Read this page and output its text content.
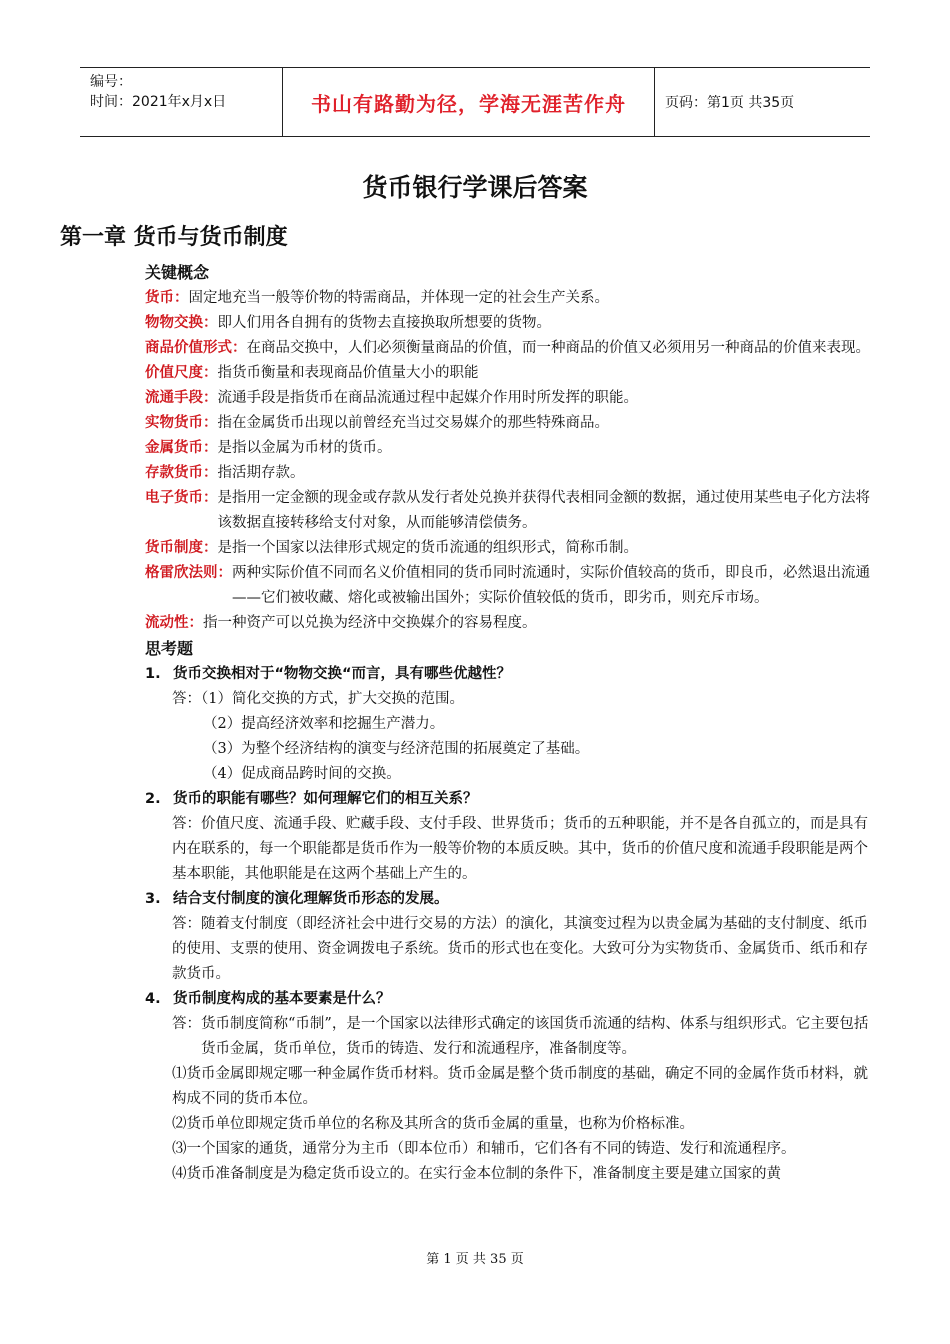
编号：
时间：2021年x月x日	书山有路勤为径，学海无涯苦作舟	页码：第1页 共35页
货币银行学课后答案
第一章 货币与货币制度
关键概念
货币： 固定地充当一般等价物的特需商品，并体现一定的社会生产关系。
物物交换： 即人们用各自拥有的货物去直接换取所想要的货物。
商品价值形式： 在商品交换中，人们必须衡量商品的价值，而一种商品的价值又必须用另一种商品的价值来表现。
价值尺度： 指货币衡量和表现商品价值量大小的职能
流通手段： 流通手段是指货币在商品流通过程中起媒介作用时所发挥的职能。
实物货币： 指在金属货币出现以前曾经充当过交易媒介的那些特殊商品。
金属货币： 是指以金属为币材的货币。
存款货币： 指活期存款。
电子货币： 是指用一定金额的现金或存款从发行者处兑换并获得代表相同金额的数据，通过使用某些电子化方法将该数据直接转移给支付对象，从而能够清偿债务。
货币制度： 是指一个国家以法律形式规定的货币流通的组织形式，简称币制。
格雷欣法则： 两种实际价值不同而名义价值相同的货币同时流通时，实际价值较高的货币，即良币，必然退出流通——它们被收藏、熔化或被输出国外；实际价值较低的货币，即劣币，则充斥市场。
流动性： 指一种资产可以兑换为经济中交换媒介的容易程度。
思考题
1. 货币交换相对于“物物交换“而言，具有哪些优越性？
答：（1）简化交换的方式，扩大交换的范围。
（2）提高经济效率和挖掘生产潜力。
（3）为整个经济结构的演变与经济范围的拓展奠定了基础。
（4）促成商品跨时间的交换。
2. 货币的职能有哪些？如何理解它们的相互关系？
答：价值尺度、流通手段、贮藏手段、支付手段、世界货币；货币的五种职能，并不是各自孤立的，而是具有内在联系的，每一个职能都是货币作为一般等价物的本质反映。其中，货币的价值尺度和流通手段职能是两个基本职能，其他职能是在这两个基础上产生的。
3. 结合支付制度的演化理解货币形态的发展。
答：随着支付制度（即经济社会中进行交易的方法）的演化，其演变过程为以贵金属为基础的支付制度、纸币的使用、支票的使用、资金调拨电子系统。货币的形式也在变化。大致可分为实物货币、金属货币、纸币和存款货币。
4. 货币制度构成的基本要素是什么？
答： 货币制度简称“币制”，是一个国家以法律形式确定的该国货币流通的结构、体系与组织形式。它主要包括货币金属，货币单位，货币的铸造、发行和流通程序，准备制度等。
⑴货币金属即规定哪一种金属作货币材料。货币金属是整个货币制度的基础，确定不同的金属作货币材料，就构成不同的货币本位。
⑵货币单位即规定货币单位的名称及其所含的货币金属的重量，也称为价格标准。
⑶一个国家的通货，通常分为主币（即本位币）和辅币，它们各有不同的铸造、发行和流通程序。
⑷货币准备制度是为稳定货币设立的。在实行金本位制的条件下，准备制度主要是建立国家的黄
第 1 页 共 35 页
